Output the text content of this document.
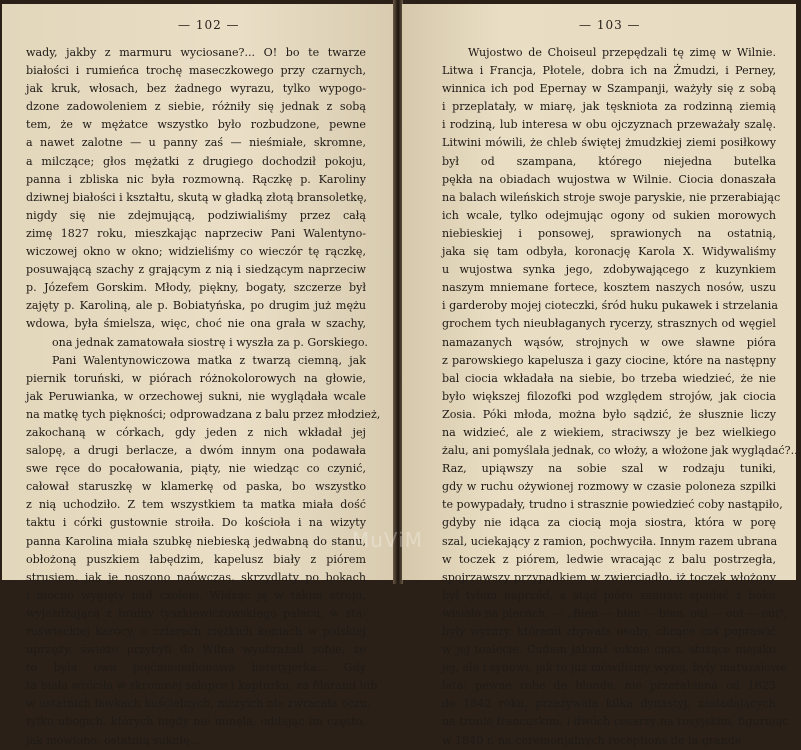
— 102 —
wady, jakby z marmuru wyciosane?... O! bo te twarze
białości i rumieńca trochę maseczkowego przy czarnych,
jak kruk, włosach, bez żadnego wyrazu, tylko wypogo-
dzone zadowoleniem z siebie, różniły się jednak z sobą
tem, że w mężatce wszystko było rozbudzone, pewne
a nawet zalotne — u panny zaś — nieśmiałe, skromne,
a milczące; głos mężatki z drugiego dochodził pokoju,
panna i zbliska nic była rozmowną. Rączkę p. Karoliny
dziwnej białości i kształtu, skutą w gładką złotą bransoletkę,
nigdy się nie zdejmującą, podziwialiśmy przez całą
zimę 1827 roku, mieszkając naprzeciw Pani Walentyno-
wiczowej okno w okno; widzieliśmy co wieczór tę rączkę,
posuwającą szachy z grającym z nią i siedzącym naprzeciw
p. Józefem Gorskim. Młody, piękny, bogaty, szczerze był
zajęty p. Karoliną, ale p. Bobiatyńska, po drugim już mężu
wdowa, była śmielsza, więc, choć nie ona grała w szachy,
ona jednak zamatowała siostrę i wyszła za p. Gorskiego.
Pani Walentynowiczowa matka z twarzą ciemną, jak
piernik toruński, w piórach różnokolorowych na głowie,
jak Peruwianka, w orzechowej sukni, nie wyglądała wcale
na matkę tych piękności; odprowadzana z balu przez młodzież,
zakochaną w córkach, gdy jeden z nich wkładał jej
salopę, a drugi berlacze, a dwóm innym ona podawała
swe ręce do pocałowania, piąty, nie wiedząc co czynić,
całował staruszkę w klamerkę od paska, bo wszystko
z nią uchodziło. Z tem wszystkiem ta matka miała dość
taktu i córki gustownie stroiła. Do kościoła i na wizyty
panna Karolina miała szubkę niebieską jedwabną do stanu,
obłożoną puszkiem łabędzim, kapelusz biały z piórem
strusiem, jak je noszono naówczas, skrzydlaty po bokach
i mocno wygięty nad czołem. Widząc ją w takim stroju,
wyjeżdżającą z bramy tyszkiewiczowskiego pałacu, w sta-
roświeckiej karocy, o czterech ciężkich koniach w polskiej
uprzęży, świeżo przybyli do Wilna wyobrażali sobie, że
to była owa pięćmiomilionowa heretyjerka... Gdy
ta biała wróciła w skromnej salopce i kapturku, za filarami lub
w ostatnich ławkach kościelnych, niczyich nie zwracała oczu,
tylko ubogich, których nigdy nie minęła, oddając im często,
jak mówiono, ostatnią suknię...
— 103 —
Wujostwo de Choiseul przepędzali tę zimę w Wilnie.
Litwa i Francja, Płotele, dobra ich na Żmudzi, i Perney,
winnica ich pod Epernay w Szampanji, ważyły się z sobą
i przeplatały, w miarę, jak tęskniota za rodzinną ziemią
i rodziną, lub interesa w obu ojczyznach przeważały szalę.
Litwini mówili, że chleb świętej żmudzkiej ziemi posiłkowy
był od szampana, którego niejedna butelka
pękła na obiadach wujostwa w Wilnie. Ciocia donaszała
na balach wileńskich stroje swoje paryskie, nie przerabiając
ich wcale, tylko odejmując ogony od sukien morowych
niebieskiej i ponsowej, sprawionych na ostatnią,
jaka się tam odbyła, koronację Karola X. Widywaliśmy
u wujostwa synka jego, zdobywającego z kuzynkiem
naszym mniemane fortece, kosztem naszych nosów, uszu
i garderoby mojej cioteczki, śród huku pukawek i strzelania
grochem tych nieubłaganych rycerzy, strasznych od węgiel
namazanych wąsów, strojnych w owe sławne pióra
z parowskiego kapelusza i gazy ciocine, które na następny
bal ciocia wkładała na siebie, bo trzeba wiedzieć, że nie
było większej filozofki pod względem strojów, jak ciocia
Zosia. Póki młoda, można było sądzić, że słusznie liczy
na widzieć, ale z wiekiem, straciwszy je bez wielkiego
żalu, ani pomyślała jednak, co włoży, a włożone jak wyglądać?...
Raz, upiąwszy na sobie szal w rodzaju tuniki,
gdy w ruchu ożywionej rozmowy w czasie poloneza szpilki
te powypadały, trudno i strasznie powiedzieć coby nastąpiło,
gdyby nie idąca za ciocią moja siostra, która w porę
szal, uciekający z ramion, pochwyciła. Innym razem ubrana
w toczek z piórem, ledwie wracając z balu postrzegła,
spojrzawszy przypadkiem w zwierciadło, iż toczek włożony
był tylem naprzód, a stąd pióro zamiast spadać z boku
wisiało na plecach. — „Bien — bien — bien, oui — oui — oui",
były wyrazy, któremi zbywała osoby, chcące coś poprawić
w jej toalecie. Cudem jakimś suknie cioci, służące niejako
jej, ale i synowi, jak to już mówiliśmy wyżej, były matuzalowe
lata: pewne robe de blonde, nie przerabiana od 1823
do 1842 roku, przeżywała kilka dynastyj, zasiadających
na tronie francuskim, i dwóch cesarzy na rosyjskim, figurując
w 1840 r. na ceremonjalnych receptions de la grande
MuViM
